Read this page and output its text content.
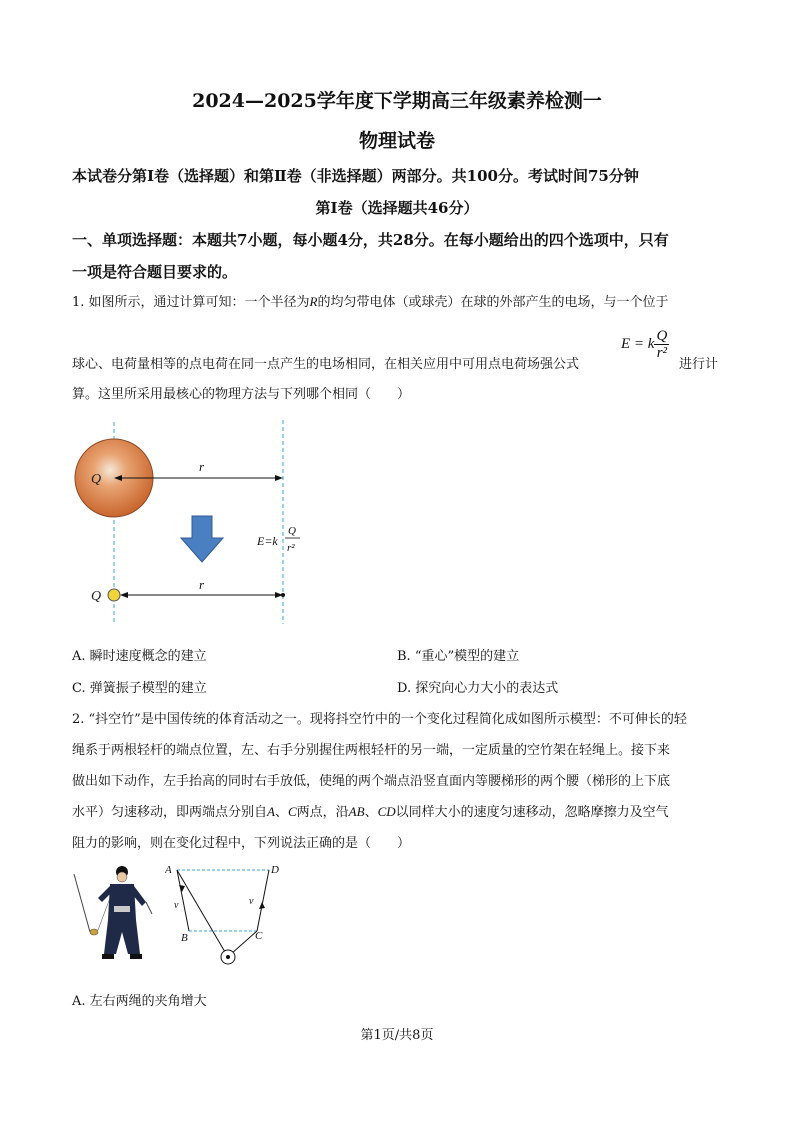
2024—2025学年度下学期高三年级素养检测一
物理试卷
本试卷分第I卷（选择题）和第Ⅱ卷（非选择题）两部分。共100分。考试时间75分钟
第I卷（选择题共46分）
一、单项选择题：本题共7小题，每小题4分，共28分。在每小题给出的四个选项中，只有
一项是符合题目要求的。
1. 如图所示，通过计算可知：一个半径为R的均匀带电体（或球壳）在球的外部产生的电场，与一个位于
球心、电荷量相等的点电荷在同一点产生的电场相同，在相关应用中可用点电荷场强公式
E = k $\frac{Q}{\text{r²}}$
进行计
算。这里所采用最核心的物理方法与下列哪个相同（　　）
Q
r
E=k
Q
r²
Q
r
A. 瞬时速度概念的建立	B. “重心”模型的建立
C. 弹簧振子模型的建立	D. 探究向心力大小的表达式
2. “抖空竹”是中国传统的体育活动之一。现将抖空竹中的一个变化过程简化成如图所示模型：不可伸长的轻
绳系于两根轻杆的端点位置，左、右手分别握住两根轻杆的另一端，一定质量的空竹架在轻绳上。接下来
做出如下动作，左手抬高的同时右手放低，使绳的两个端点沿竖直面内等腰梯形的两个腰（梯形的上下底
水平）匀速移动，即两端点分别自A、C两点，沿AB、CD以同样大小的速度匀速移动，忽略摩擦力及空气
阻力的影响，则在变化过程中，下列说法正确的是（　　）
A	D
B	C
v	v
A. 左右两绳的夹角增大
第1页/共8页
